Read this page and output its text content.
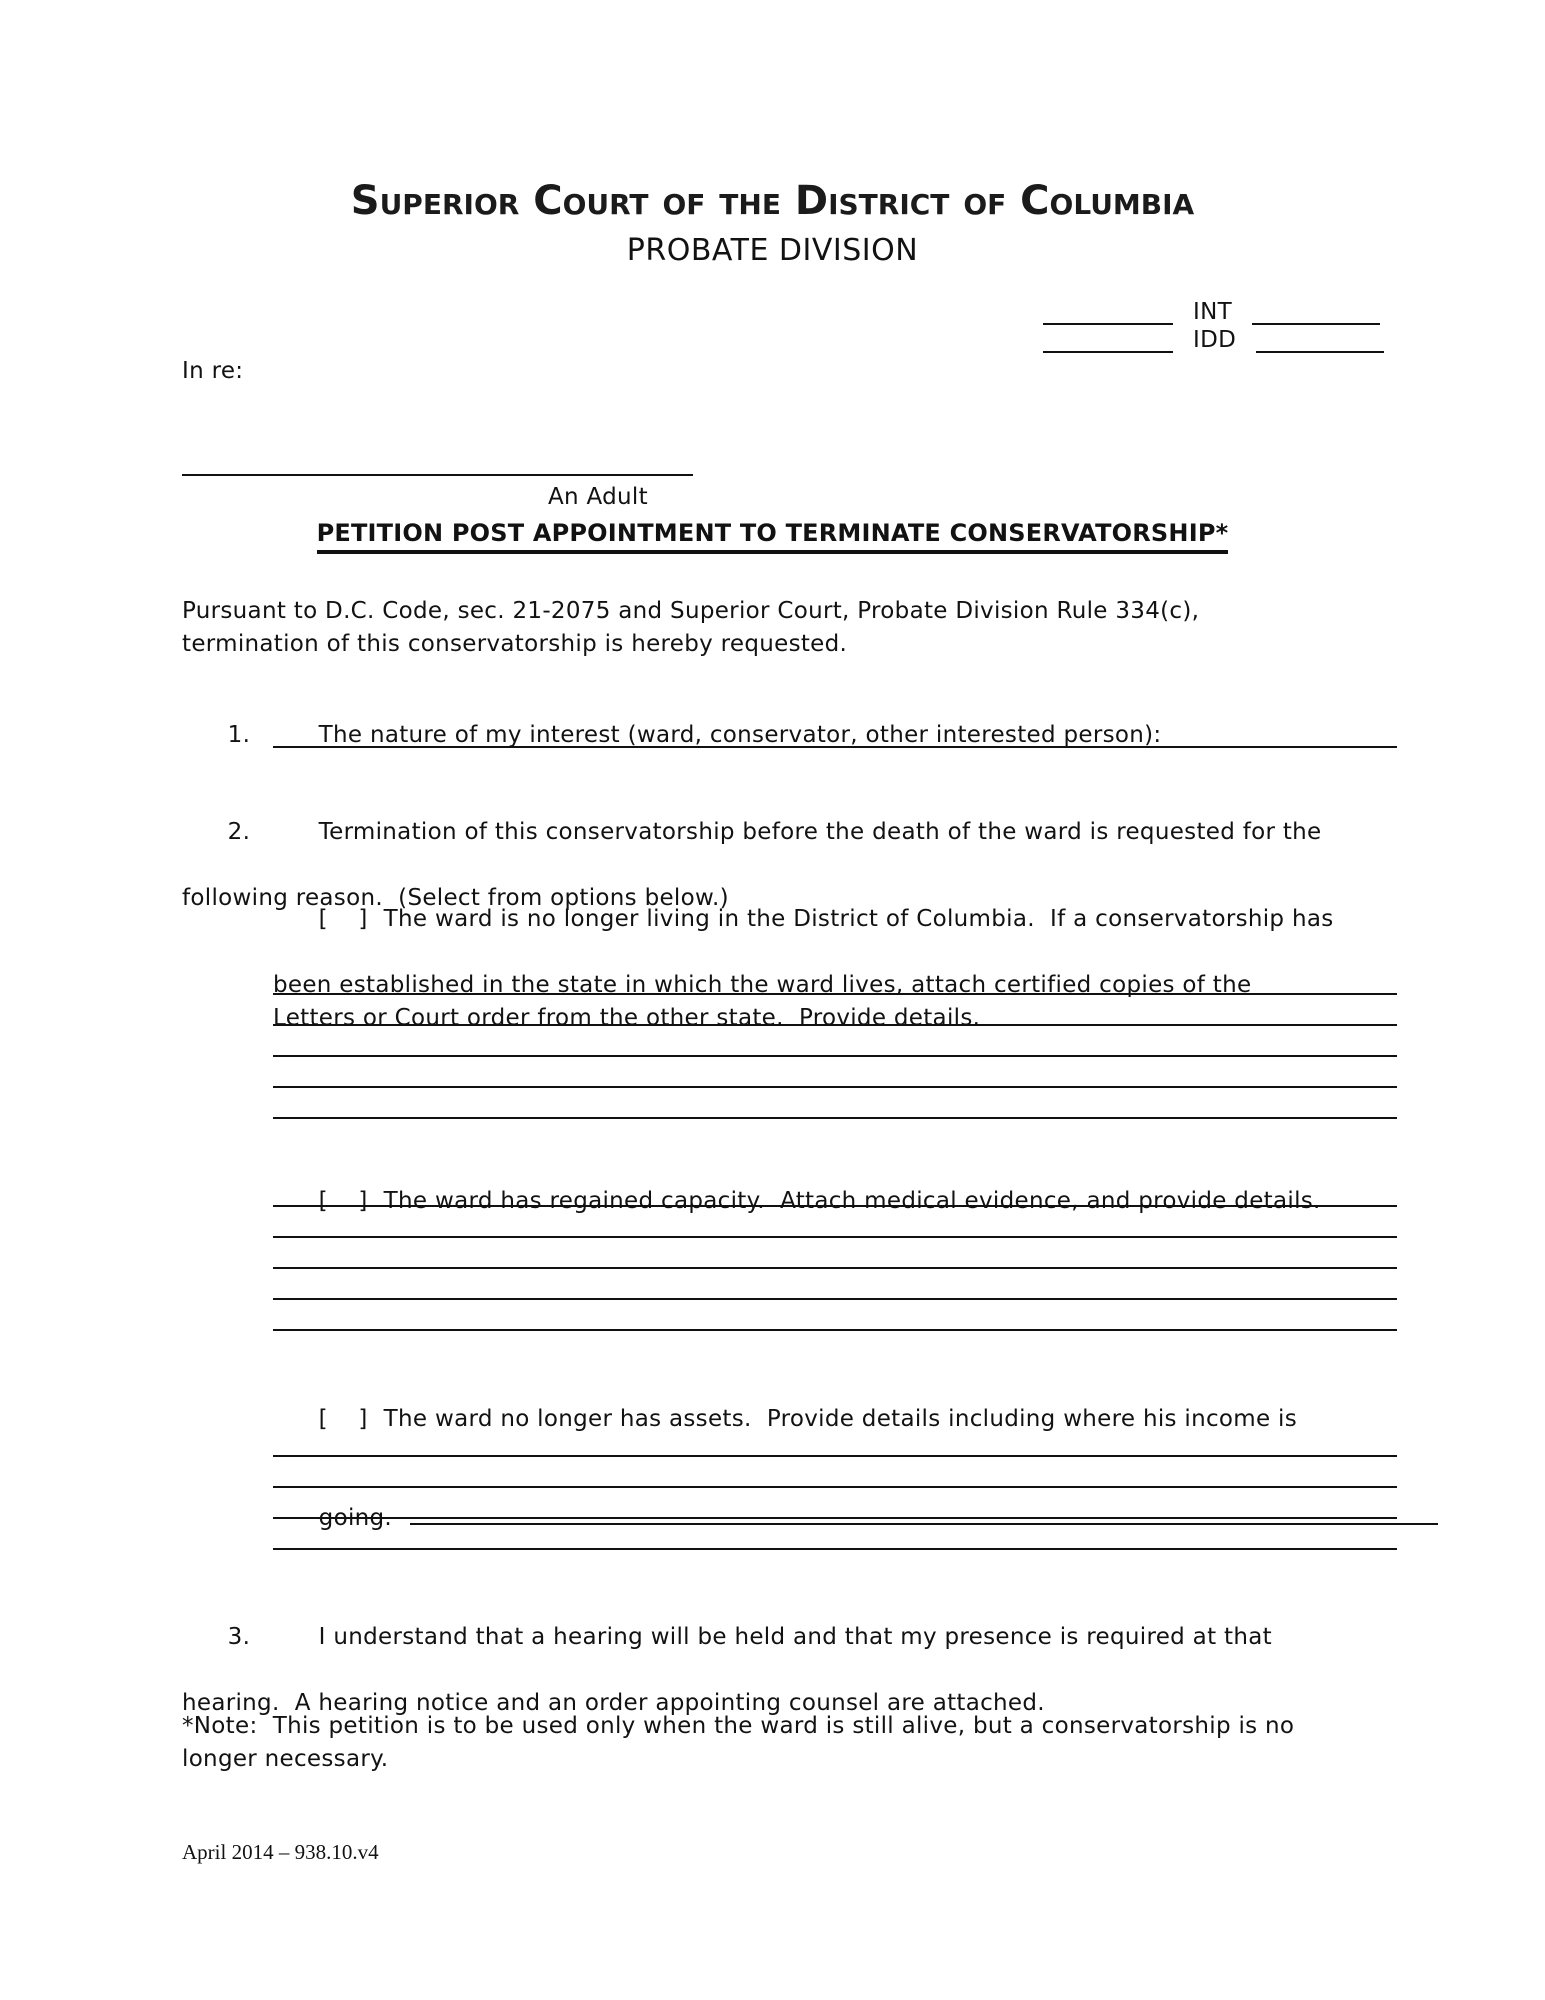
Superior Court of the District of Columbia
PROBATE DIVISION
INT
IDD
In re:
An Adult
PETITION POST APPOINTMENT TO TERMINATE CONSERVATORSHIP*
Pursuant to D.C. Code, sec. 21-2075 and Superior Court, Probate Division Rule 334(c),
termination of this conservatorship is hereby requested.

1.	The nature of my interest (ward, conservator, other interested person):

2.	Termination of this conservatorship before the death of the ward is requested for the

following reason.  (Select from options below.)

[    ] The ward is no longer living in the District of Columbia.  If a conservatorship has

been established in the state in which the ward lives, attach certified copies of the
Letters or Court order from the other state.  Provide details.

[    ] The ward has regained capacity.  Attach medical evidence, and provide details.

[    ] The ward no longer has assets.  Provide details including where his income is

going.

3.	I understand that a hearing will be held and that my presence is required at that

hearing.  A hearing notice and an order appointing counsel are attached.
*Note:  This petition is to be used only when the ward is still alive, but a conservatorship is no
longer necessary.
April 2014 – 938.10.v4
